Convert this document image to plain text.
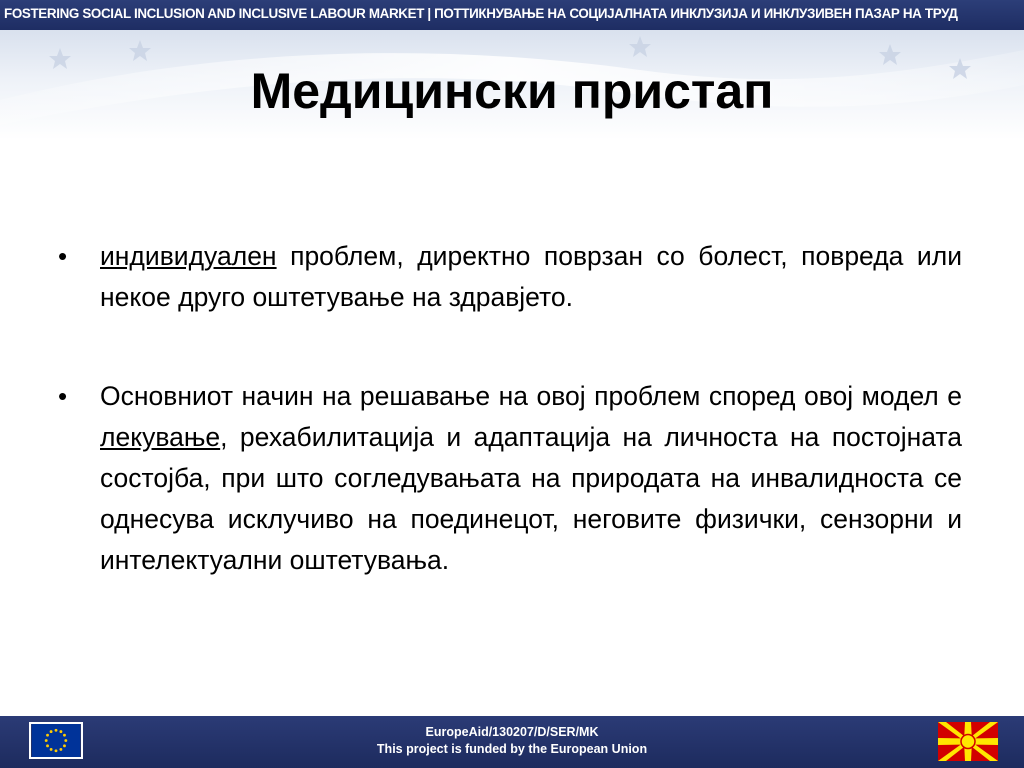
FOSTERING SOCIAL INCLUSION AND INCLUSIVE LABOUR MARKET | ПОТТИКНУВАЊЕ НА СОЦИЈАЛНАТА ИНКЛУЗИЈА И ИНКЛУЗИВЕН ПАЗАР НА ТРУД
Медицински пристап
• индивидуален проблем, директно поврзан со болест, повреда или некое друго оштетување на здравјето.
• Основниот начин на решавање на овој проблем според овој модел е лекување, рехабилитација и адаптација на личноста на постојната состојба, при што согледувањата на природата на инвалидноста се однесува исклучиво на поединецот, неговите физички, сензорни и интелектуални оштетувања.
EuropeAid/130207/D/SER/MK
This project is funded by the European Union
